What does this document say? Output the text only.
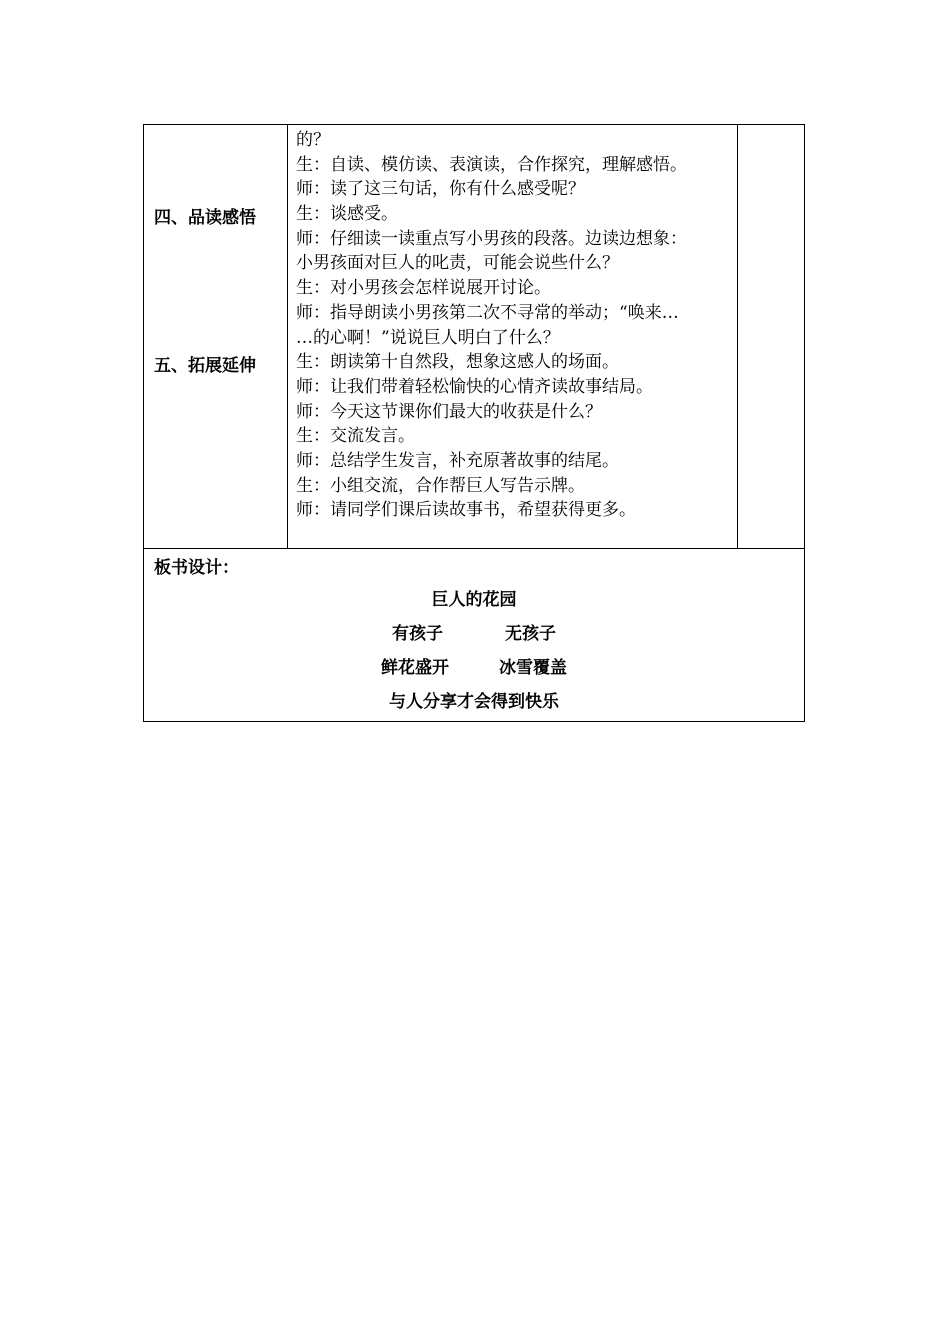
四、品读感悟
五、拓展延伸
的？
生：自读、模仿读、表演读，合作探究，理解感悟。
师：读了这三句话，你有什么感受呢？
生：谈感受。
师：仔细读一读重点写小男孩的段落。边读边想象：
小男孩面对巨人的叱责，可能会说些什么？
生：对小男孩会怎样说展开讨论。
师：指导朗读小男孩第二次不寻常的举动；“唤来…
…的心啊！”说说巨人明白了什么？
生：朗读第十自然段，想象这感人的场面。
师：让我们带着轻松愉快的心情齐读故事结局。
师：今天这节课你们最大的收获是什么？
生：交流发言。
师：总结学生发言，补充原著故事的结尾。
生：小组交流，合作帮巨人写告示牌。
师：请同学们课后读故事书，希望获得更多。
板书设计：
巨人的花园
有孩子	无孩子
鲜花盛开	冰雪覆盖
与人分享才会得到快乐
